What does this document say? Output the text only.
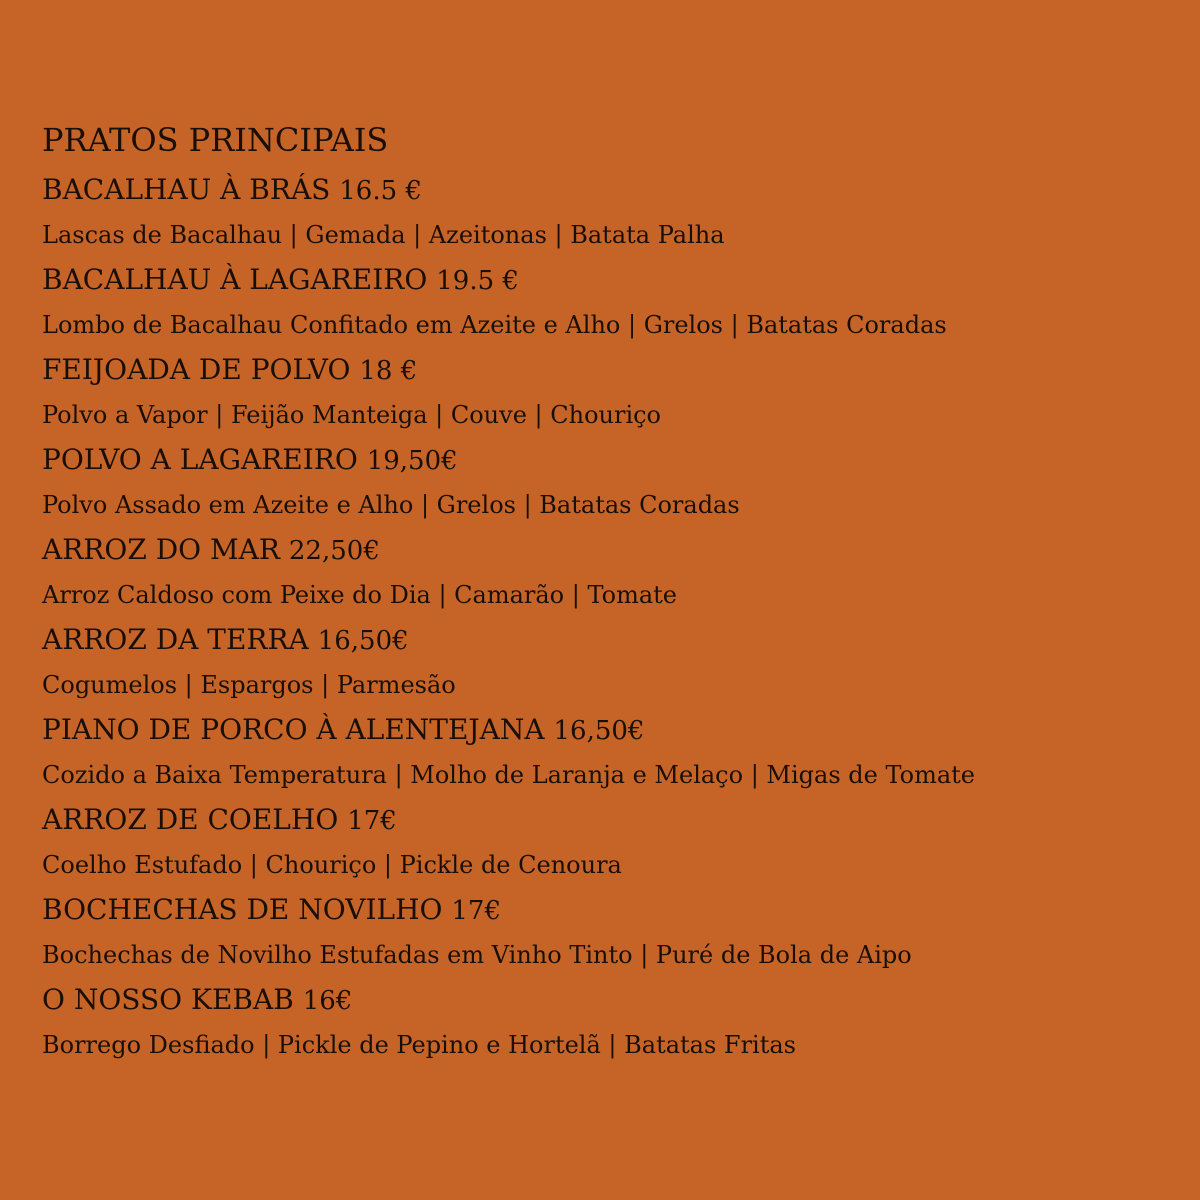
PRATOS PRINCIPAIS
BACALHAU À BRÁS 16.5 €
Lascas de Bacalhau | Gemada | Azeitonas | Batata Palha
BACALHAU À LAGAREIRO 19.5 €
Lombo de Bacalhau Confitado em Azeite e Alho | Grelos | Batatas Coradas
FEIJOADA DE POLVO 18 €
Polvo a Vapor | Feijão Manteiga | Couve | Chouriço
POLVO A LAGAREIRO 19,50€
Polvo Assado em Azeite e Alho | Grelos | Batatas Coradas
ARROZ DO MAR 22,50€
Arroz Caldoso com Peixe do Dia | Camarão | Tomate
ARROZ DA TERRA 16,50€
Cogumelos | Espargos | Parmesão
PIANO DE PORCO À ALENTEJANA 16,50€
Cozido a Baixa Temperatura | Molho de Laranja e Melaço | Migas de Tomate
ARROZ DE COELHO 17€
Coelho Estufado | Chouriço | Pickle de Cenoura
BOCHECHAS DE NOVILHO 17€
Bochechas de Novilho Estufadas em Vinho Tinto | Puré de Bola de Aipo
O NOSSO KEBAB 16€
Borrego Desfiado | Pickle de Pepino e Hortelã | Batatas Fritas
